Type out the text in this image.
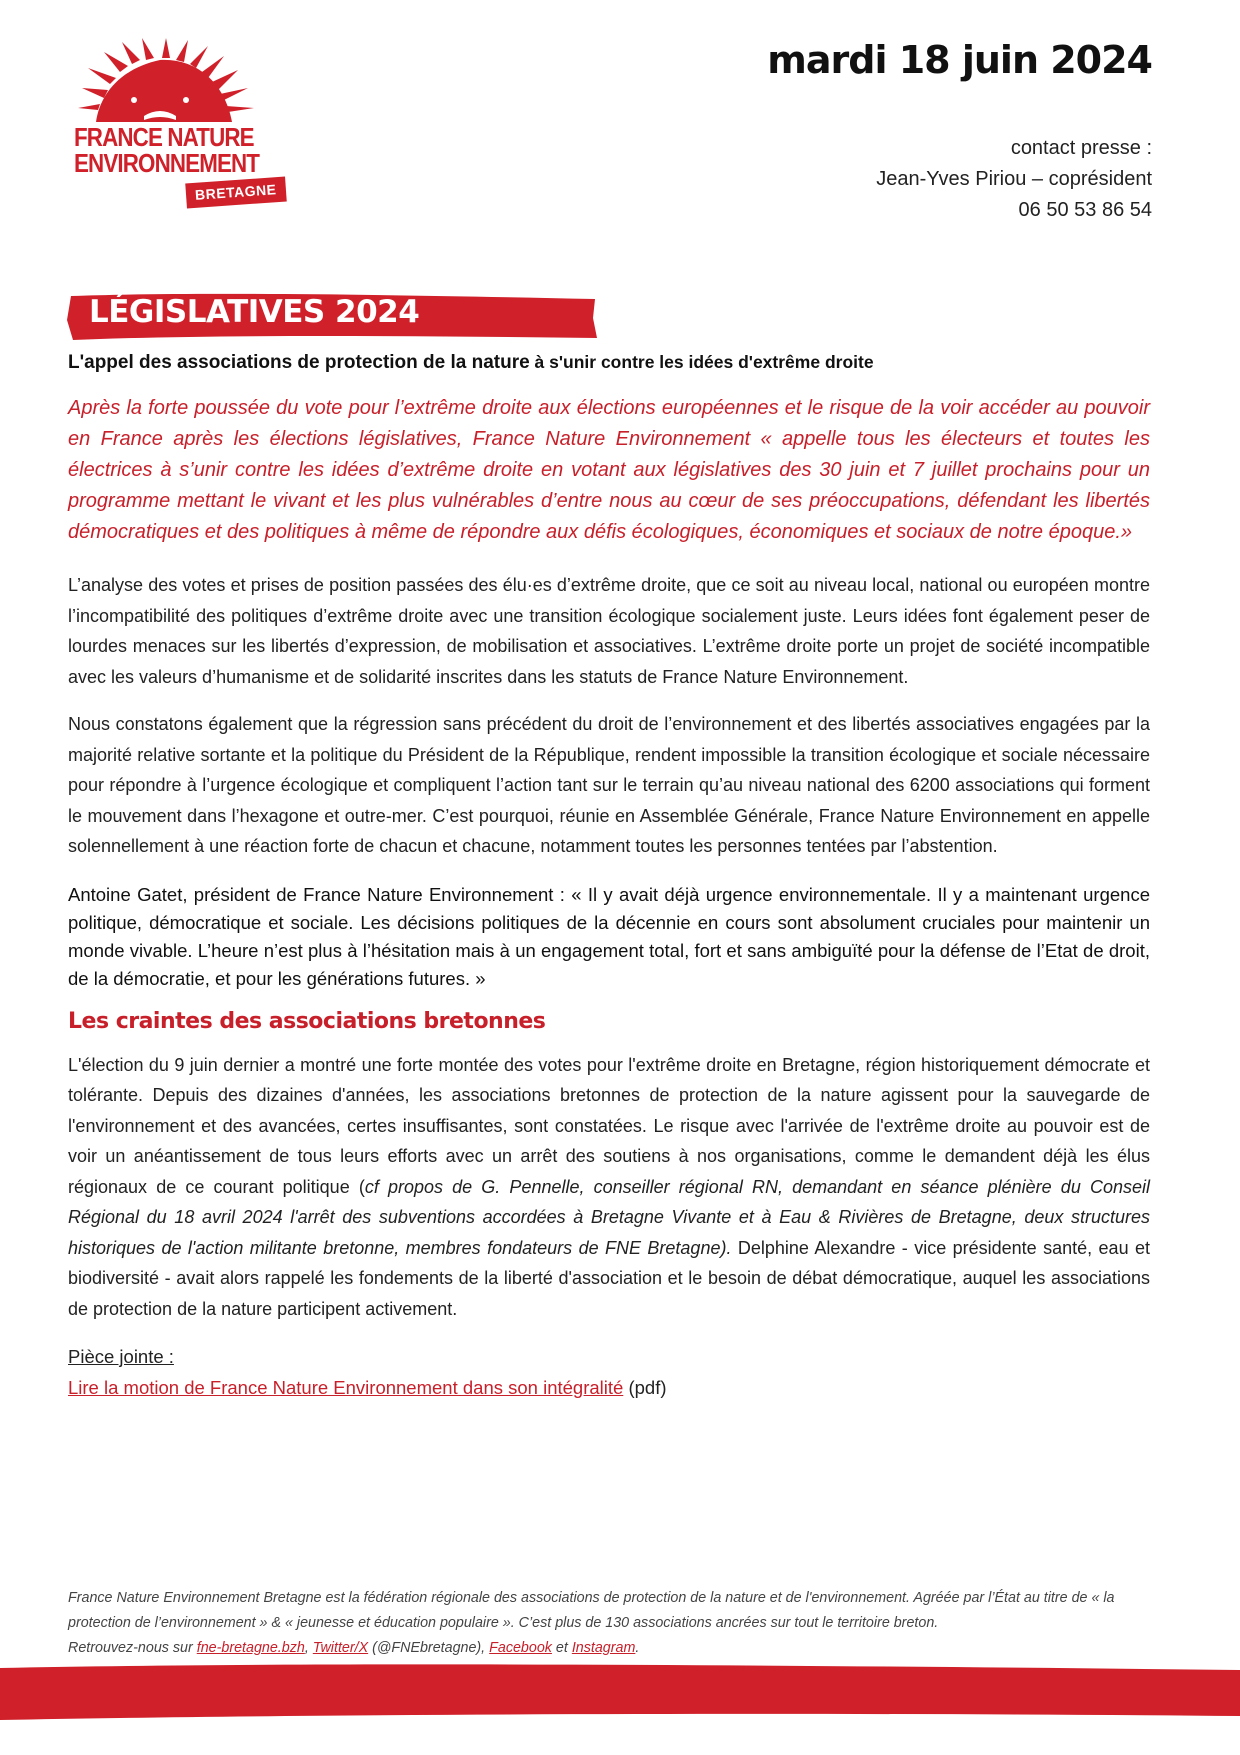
FRANCE NATURE
ENVIRONNEMENT
BRETAGNE
mardi 18 juin 2024
contact presse :
Jean-Yves Piriou – coprésident
06 50 53 86 54
LÉGISLATIVES 2024
L'appel des associations de protection de la nature à s'unir contre les idées d'extrême droite

Après la forte poussée du vote pour l’extrême droite aux élections européennes et le risque de la voir accéder au pouvoir en France après les élections législatives, France Nature Environnement « appelle tous les électeurs et toutes les électrices à s’unir contre les idées d’extrême droite en votant aux législatives des 30 juin et 7 juillet prochains pour un programme mettant le vivant et les plus vulnérables d’entre nous au cœur de ses préoccupations, défendant les libertés démocratiques et des politiques à même de répondre aux défis écologiques, économiques et sociaux de notre époque.»

L’analyse des votes et prises de position passées des élu·es d’extrême droite, que ce soit au niveau local, national ou européen montre l’incompatibilité des politiques d’extrême droite avec une transition écologique socialement juste. Leurs idées font également peser de lourdes menaces sur les libertés d’expression, de mobilisation et associatives. L’extrême droite porte un projet de société incompatible avec les valeurs d’humanisme et de solidarité inscrites dans les statuts de France Nature Environnement.

Nous constatons également que la régression sans précédent du droit de l’environnement et des libertés associatives engagées par la majorité relative sortante et la politique du Président de la République, rendent impossible la transition écologique et sociale nécessaire pour répondre à l’urgence écologique et compliquent l’action tant sur le terrain qu’au niveau national des 6200 associations qui forment le mouvement dans l’hexagone et outre-mer. C’est pourquoi, réunie en Assemblée Générale, France Nature Environnement en appelle solennellement à une réaction forte de chacun et chacune, notamment toutes les personnes tentées par l’abstention.

Antoine Gatet, président de France Nature Environnement : « Il y avait déjà urgence environnementale. Il y a maintenant urgence politique, démocratique et sociale. Les décisions politiques de la décennie en cours sont absolument cruciales pour maintenir un monde vivable. L’heure n’est plus à l’hésitation mais à un engagement total, fort et sans ambiguïté pour la défense de l’Etat de droit, de la démocratie, et pour les générations futures. »

Les craintes des associations bretonnes

L'élection du 9 juin dernier a montré une forte montée des votes pour l'extrême droite en Bretagne, région historiquement démocrate et tolérante. Depuis des dizaines d'années, les associations bretonnes de protection de la nature agissent pour la sauvegarde de l'environnement et des avancées, certes insuffisantes, sont constatées. Le risque avec l'arrivée de l'extrême droite au pouvoir est de voir un anéantissement de tous leurs efforts avec un arrêt des soutiens à nos organisations, comme le demandent déjà les élus régionaux de ce courant politique (cf propos de G. Pennelle, conseiller régional RN, demandant en séance plénière du Conseil Régional du 18 avril 2024 l'arrêt des subventions accordées à Bretagne Vivante et à Eau & Rivières de Bretagne, deux structures historiques de l'action militante bretonne, membres fondateurs de FNE Bretagne). Delphine Alexandre - vice présidente santé, eau et biodiversité - avait alors rappelé les fondements de la liberté d'association et le besoin de débat démocratique, auquel les associations de protection de la nature participent activement.

Pièce jointe :
Lire la motion de France Nature Environnement dans son intégralité (pdf)
France Nature Environnement Bretagne est la fédération régionale des associations de protection de la nature et de l'environnement. Agréée par l’État au titre de « la protection de l’environnement » & « jeunesse et éducation populaire ». C’est plus de 130 associations ancrées sur tout le territoire breton.
Retrouvez-nous sur fne-bretagne.bzh, Twitter/X (@FNEbretagne), Facebook et Instagram.
